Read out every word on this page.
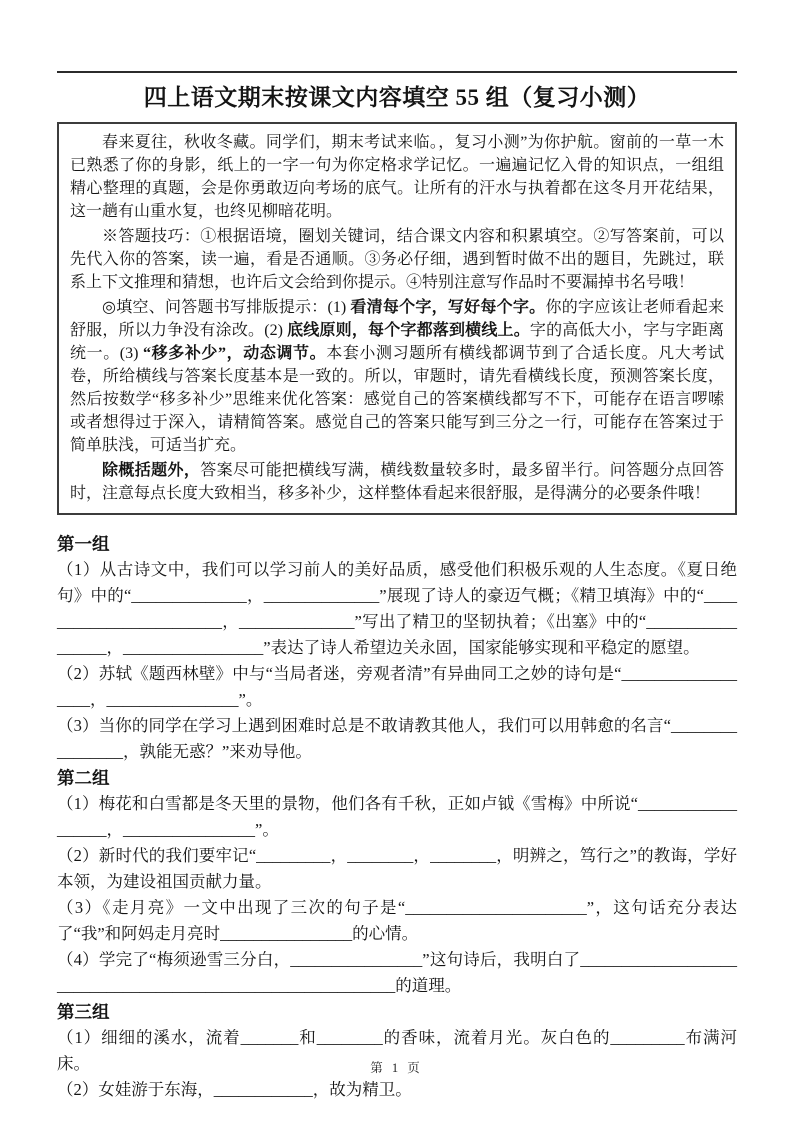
四上语文期末按课文内容填空 55 组（复习小测）

春来夏往，秋收冬藏。同学们，期末考试来临。，复习小测”为你护航。窗前的一草一木已熟悉了你的身影，纸上的一字一句为你定格求学记忆。一遍遍记忆入骨的知识点，一组组精心整理的真题，会是你勇敢迈向考场的底气。让所有的汗水与执着都在这冬月开花结果，这一趟有山重水复，也终见柳暗花明。

※答题技巧：①根据语境，圈划关键词，结合课文内容和积累填空。②写答案前，可以先代入你的答案，读一遍，看是否通顺。③务必仔细，遇到暂时做不出的题目，先跳过，联系上下文推理和猜想，也许后文会给到你提示。④特别注意写作品时不要漏掉书名号哦！

◎填空、问答题书写排版提示：(1) 看清每个字，写好每个字。你的字应该让老师看起来舒服，所以力争没有涂改。(2) 底线原则，每个字都落到横线上。字的高低大小，字与字距离统一。(3) “移多补少”，动态调节。本套小测习题所有横线都调节到了合适长度。凡大考试卷，所给横线与答案长度基本是一致的。所以，审题时，请先看横线长度，预测答案长度，然后按数学“移多补少”思维来优化答案：感觉自己的答案横线都写不下，可能存在语言啰嗦或者想得过于深入，请精简答案。感觉自己的答案只能写到三分之一行，可能存在答案过于简单肤浅，可适当扩充。

除概括题外，答案尽可能把横线写满，横线数量较多时，最多留半行。问答题分点回答时，注意每点长度大致相当，移多补少，这样整体看起来很舒服，是得满分的必要条件哦！

第一组

（1）从古诗文中，我们可以学习前人的美好品质，感受他们积极乐观的人生态度。《夏日绝句》中的“______________，______________”展现了诗人的豪迈气概；《精卫填海》中的“________________________，______________”写出了精卫的坚韧执着；《出塞》中的“_________________，_________________”表达了诗人希望边关永固，国家能够实现和平稳定的愿望。

（2）苏轼《题西林壁》中与“当局者迷，旁观者清”有异曲同工之妙的诗句是“__________________，________________”。

（3）当你的同学在学习上遇到困难时总是不敢请教其他人，我们可以用韩愈的名言“________________，孰能无惑？”来劝导他。

第二组

（1）梅花和白雪都是冬天里的景物，他们各有千秋，正如卢钺《雪梅》中所说“__________________，________________”。

（2）新时代的我们要牢记“_________，________，________，明辨之，笃行之”的教诲，学好本领，为建设祖国贡献力量。

（3）《走月亮》一文中出现了三次的句子是“______________________”，这句话充分表达了“我”和阿妈走月亮时________________的心情。

（4）学完了“梅须逊雪三分白，________________”这句诗后，我明白了____________________________________________________________的道理。

第三组

（1）细细的溪水，流着_______和________的香味，流着月光。灰白色的_________布满河床。

（2）女娃游于东海，____________，故为精卫。

第 1 页
